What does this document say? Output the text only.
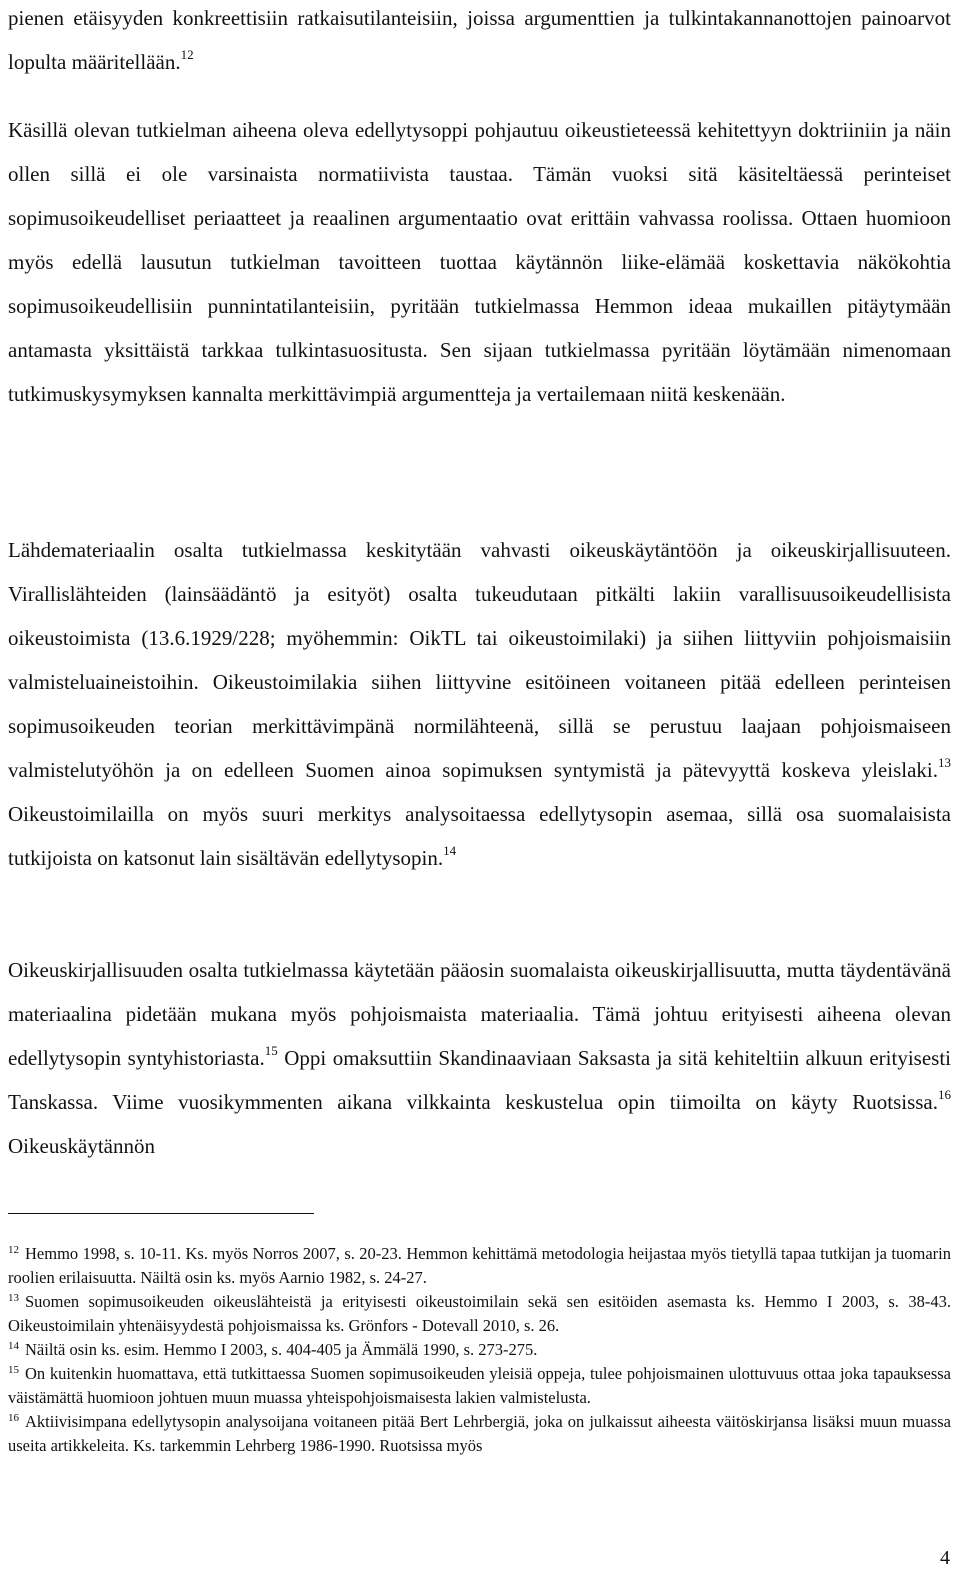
pienen etäisyyden konkreettisiin ratkaisutilanteisiin, joissa argumenttien ja tulkintakannanottojen painoarvot lopulta määritellään.$^{12}$

Käsillä olevan tutkielman aiheena oleva edellytysoppi pohjautuu oikeustieteessä kehitettyyn doktriiniin ja näin ollen sillä ei ole varsinaista normatiivista taustaa. Tämän vuoksi sitä käsiteltäessä perinteiset sopimusoikeudelliset periaatteet ja reaalinen argumentaatio ovat erittäin vahvassa roolissa. Ottaen huomioon myös edellä lausutun tutkielman tavoitteen tuottaa käytännön liike-elämää koskettavia näkökohtia sopimusoikeudellisiin punnintatilanteisiin, pyritään tutkielmassa Hemmon ideaa mukaillen pitäytymään antamasta yksittäistä tarkkaa tulkintasuositusta. Sen sijaan tutkielmassa pyritään löytämään nimenomaan tutkimuskysymyksen kannalta merkittävimpiä argumentteja ja vertailemaan niitä keskenään.

Lähdemateriaalin osalta tutkielmassa keskitytään vahvasti oikeuskäytäntöön ja oikeuskirjallisuuteen. Virallislähteiden (lainsäädäntö ja esityöt) osalta tukeudutaan pitkälti lakiin varallisuusoikeudellisista oikeustoimista (13.6.1929/228; myöhemmin: OikTL tai oikeustoimilaki) ja siihen liittyviin pohjoismaisiin valmisteluaineistoihin. Oikeustoimilakia siihen liittyvine esitöineen voitaneen pitää edelleen perinteisen sopimusoikeuden teorian merkittävimpänä normilähteenä, sillä se perustuu laajaan pohjoismaiseen valmistelutyöhön ja on edelleen Suomen ainoa sopimuksen syntymistä ja pätevyyttä koskeva yleislaki.$^{13}$ Oikeustoimilailla on myös suuri merkitys analysoitaessa edellytysopin asemaa, sillä osa suomalaisista tutkijoista on katsonut lain sisältävän edellytysopin.$^{14}$

Oikeuskirjallisuuden osalta tutkielmassa käytetään pääosin suomalaista oikeuskirjallisuutta, mutta täydentävänä materiaalina pidetään mukana myös pohjoismaista materiaalia. Tämä johtuu erityisesti aiheena olevan edellytysopin syntyhistoriasta.$^{15}$ Oppi omaksuttiin Skandinaaviaan Saksasta ja sitä kehiteltiin alkuun erityisesti Tanskassa. Viime vuosikymmenten aikana vilkkainta keskustelua opin tiimoilta on käyty Ruotsissa.$^{16}$ Oikeuskäytännön

$^{12}$ Hemmo 1998, s. 10-11. Ks. myös Norros 2007, s. 20-23. Hemmon kehittämä metodologia heijastaa myös tietyllä tapaa tutkijan ja tuomarin roolien erilaisuutta. Näiltä osin ks. myös Aarnio 1982, s. 24-27.

$^{13}$ Suomen sopimusoikeuden oikeuslähteistä ja erityisesti oikeustoimilain sekä sen esitöiden asemasta ks. Hemmo I 2003, s. 38-43. Oikeustoimilain yhtenäisyydestä pohjoismaissa ks. Grönfors - Dotevall 2010, s. 26.

$^{14}$ Näiltä osin ks. esim. Hemmo I 2003, s. 404-405 ja Ämmälä 1990, s. 273-275.

$^{15}$ On kuitenkin huomattava, että tutkittaessa Suomen sopimusoikeuden yleisiä oppeja, tulee pohjoismainen ulottuvuus ottaa joka tapauksessa väistämättä huomioon johtuen muun muassa yhteispohjoismaisesta lakien valmistelusta.

$^{16}$ Aktiivisimpana edellytysopin analysoijana voitaneen pitää Bert Lehrbergiä, joka on julkaissut aiheesta väitöskirjansa lisäksi muun muassa useita artikkeleita. Ks. tarkemmin Lehrberg 1986-1990. Ruotsissa myös

4
